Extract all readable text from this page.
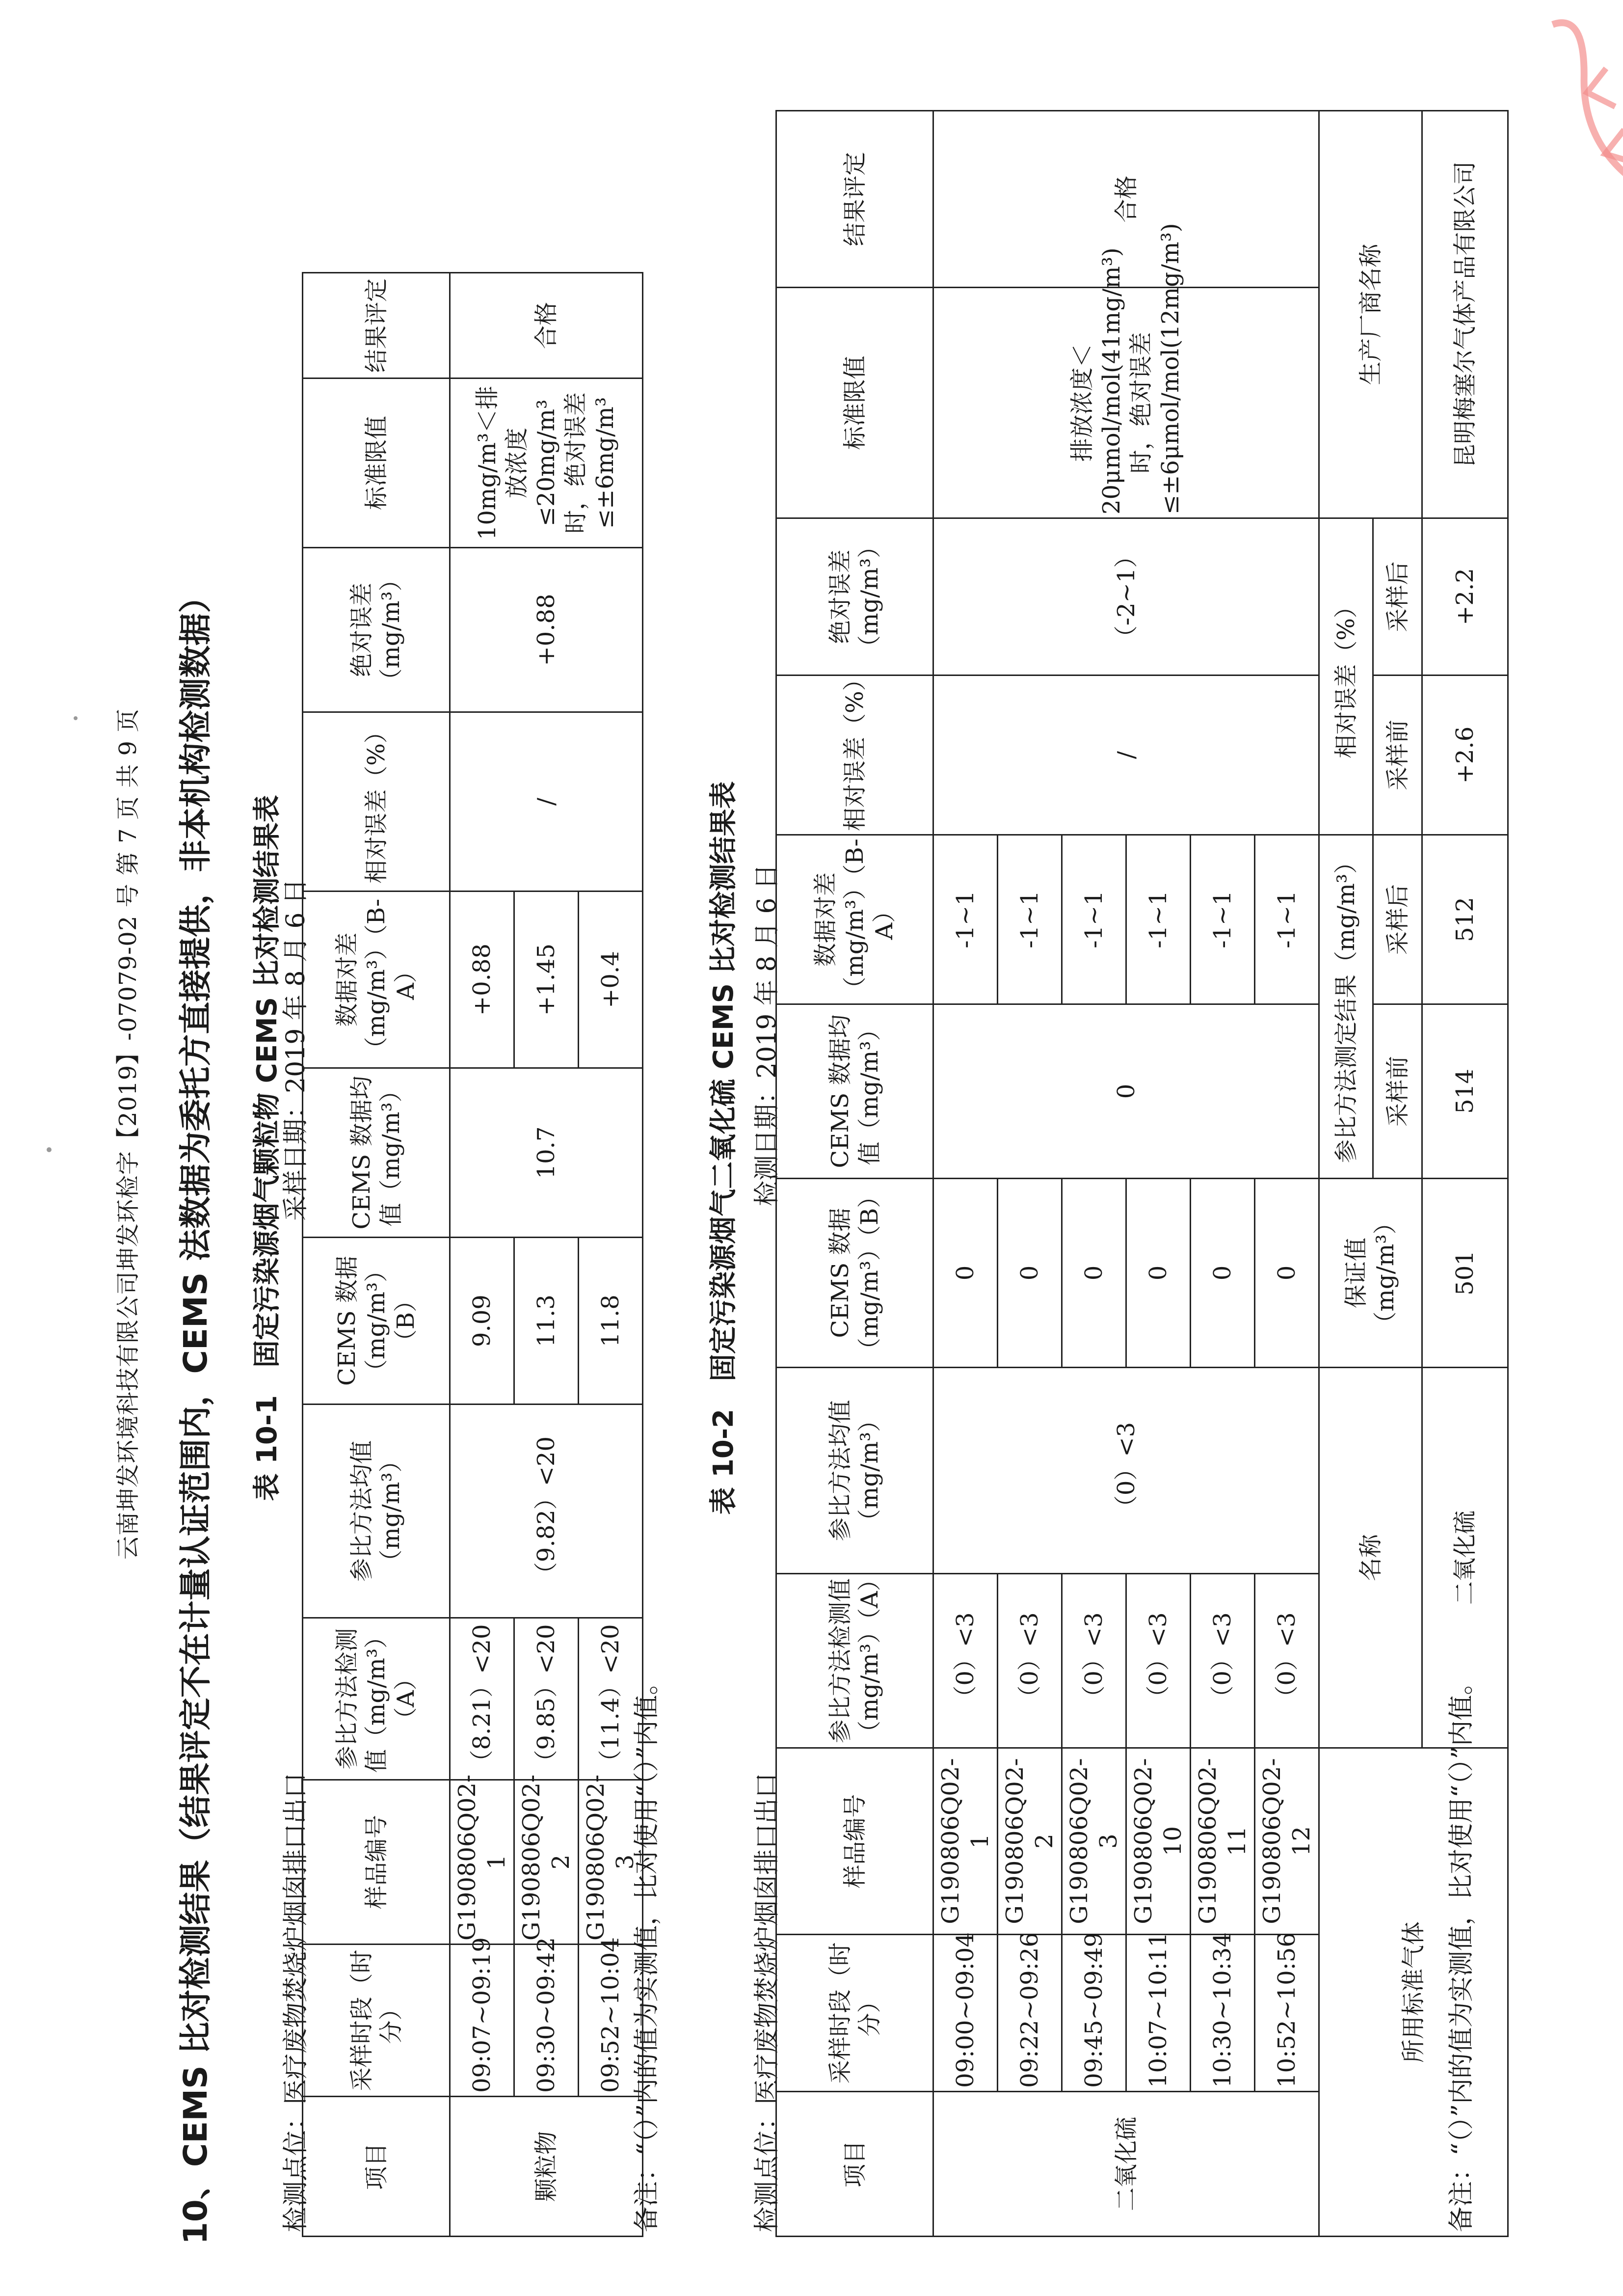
云南坤发环境科技有限公司坤发环检字【2019】-07079-02 号 第 7 页 共 9 页 10、CEMS 比对检测结果（结果评定不在计量认证范围内，CEMS 法数据为委托方直接提供，非本机构检测数据） 表 10-1　固定污染源烟气颗粒物 CEMS 比对检测结果表
检测点位：医疗废物焚烧炉烟囱排口出口
采样日期：2019 年 8 月 6 日
项目	采样时段（时分）	样品编号	参比方法检测值（mg/m³）（A）	参比方法均值（mg/m³）	CEMS 数据（mg/m³）（B）	CEMS 数据均值（mg/m³）	数据对差（mg/m³）（B-A）	相对误差（%）	绝对误差（mg/m³）	标准限值	结果评定
颗粒物	09:07~09:19	G190806Q02-1	（8.21）<20	（9.82）<20	9.09	10.7	+0.88	/	+0.88	10mg/m³＜排放浓度≤20mg/m³时，绝对误差≤±6mg/m³	合格
	09:30~09:42	G190806Q02-2	（9.85）<20		11.3		+1.45				
	09:52~10:04	G190806Q02-3	（11.4）<20		11.8		+0.4				
备注：“（）”内的值为实测值，比对使用“（）”内值。
表 10-2　固定污染源烟气二氧化硫 CEMS 比对检测结果表
检测点位：医疗废物焚烧炉烟囱排口出口
检测日期：2019 年 8 月 6 日
项目	采样时段（时分）	样品编号	参比方法检测值（mg/m³）（A）	参比方法均值（mg/m³）	CEMS 数据（mg/m³）（B）	CEMS 数据均值（mg/m³）	数据对差（mg/m³）（B-A）	相对误差（%）	绝对误差（mg/m³）	标准限值	结果评定
二氧化硫	09:00~09:04	G190806Q02-1	（0）<3	（0）<3	0	0	-1~1	/	（-2~1）	排放浓度＜20μmol/mol(41mg/m³)时，绝对误差≤±6μmol/mol(12mg/m³)	合格
	09:22~09:26	G190806Q02-2	（0）<3		0		-1~1				
	09:45~09:49	G190806Q02-3	（0）<3		0		-1~1				
	10:07~10:11	G190806Q02-10	（0）<3		0		-1~1				
	10:30~10:34	G190806Q02-11	（0）<3		0		-1~1				
	10:52~10:56	G190806Q02-12	（0）<3		0		-1~1				
所用标准气体			名称		保证值（mg/m³）	参比方法测定结果（mg/m³）		相对误差（%）		生产厂商名称	
						采样前	采样后	采样前	采样后		
			二氧化硫		501	514	512	+2.6	+2.2	昆明梅塞尔气体产品有限公司	
备注：“（）”内的值为实测值，比对使用“（）”内值。
